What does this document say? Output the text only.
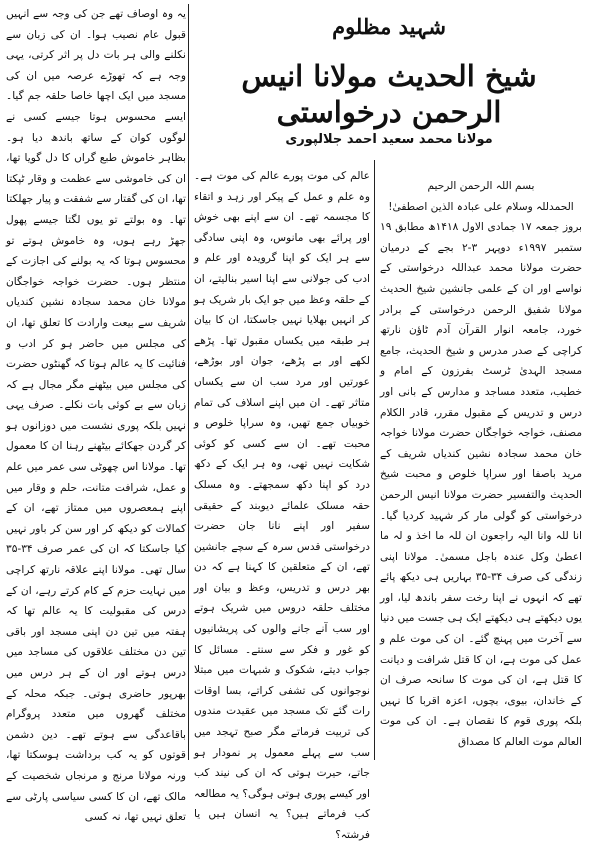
شہید مظلوم
شیخ الحدیث مولانا انیس الرحمن درخواستی
مولانا محمد سعید احمد جلالپوری

بسم اللہ الرحمن الرحیم

الحمدللہ وسلام علی عبادہ الذین اصطفیٰ!

بروز جمعہ ۱۷ جمادی الاول ۱۴۱۸ھ مطابق ۱۹ ستمبر ۱۹۹۷ء دوپہر ۳-۲ بجے کے درمیان حضرت مولانا محمد عبداللہ درخواستی کے نواسے اور ان کے علمی جانشین شیخ الحدیث مولانا شفیق الرحمن درخواستی کے برادر خورد، جامعہ انوار القرآن آدم ٹاؤن نارتھ کراچی کے صدر مدرس و شیخ الحدیث، جامع مسجد الہدیٰ ٹرسٹ بفرزون کے امام و خطیب، متعدد مساجد و مدارس کے بانی اور درس و تدریس کے مقبول مقرر، قادر الکلام مصنف، خواجہ خواجگان حضرت مولانا خواجہ خان محمد سجادہ نشین کندیاں شریف کے مرید باصفا اور سراپا خلوص و محبت شیخ الحدیث والتفسیر حضرت مولانا انیس الرحمن درخواستی کو گولی مار کر شہید کردیا گیا۔ انا للہ وانا الیہ راجعون ان للہ ما اخذ و لہ ما اعطیٰ وکل عندہ باجل مسمیٰ۔ مولانا اپنی زندگی کی صرف ۳۴-۳۵ بہاریں ہی دیکھ پائے تھے کہ انہوں نے اپنا رخت سفر باندھ لیا، اور یوں دیکھتے ہی دیکھتے ایک ہی جست میں دنیا سے آخرت میں پہنچ گئے۔ ان کی موت علم و عمل کی موت ہے، ان کا قتل شرافت و دیانت کا قتل ہے، ان کی موت کا سانحہ صرف ان کے خاندان، بیوی، بچوں، اعزہ اقربا کا نہیں بلکہ پوری قوم کا نقصان ہے۔ ان کی موت العالم موت العالم کا مصداق

عالم کی موت پورے عالم کی موت ہے۔ وہ علم و عمل کے پیکر اور زہد و اتقاء کا مجسمہ تھے۔ ان سے اپنے بھی خوش اور پرائے بھی مانوس، وہ اپنی سادگی سے ہر ایک کو اپنا گرویدہ اور علم و ادب کی جولانی سے اپنا اسیر بنالیتے، ان کے حلقہ وعظ میں جو ایک بار شریک ہو کر انہیں بھلایا نہیں جاسکتا، ان کا بیان ہر طبقہ میں یکساں مقبول تھا۔ پڑھے لکھے اور بے پڑھے، جوان اور بوڑھے، عورتیں اور مرد سب ان سے یکساں متاثر تھے۔ ان میں اپنے اسلاف کی تمام خوبیاں جمع تھیں، وہ سراپا خلوص و محبت تھے۔ ان سے کسی کو کوئی شکایت نہیں تھی، وہ ہر ایک کے دکھ درد کو اپنا دکھ سمجھتے۔ وہ مسلک حقہ مسلک علمائے دیوبند کے حقیقی سفیر اور اپنے نانا جان حضرت درخواستی قدس سرہ کے سچے جانشین تھے، ان کے متعلقین کا کہنا ہے کہ دن بھر درس و تدریس، وعظ و بیان اور مختلف حلقہ دروس میں شریک ہوتے اور سب آنے جانے والوں کی پریشانیوں کو غور و فکر سے سنتے۔ مسائل کا جواب دیتے، شکوک و شبہات میں مبتلا نوجوانوں کی تشفی کراتے، بسا اوقات رات گئے تک مسجد میں عقیدت مندوں کی تربیت فرماتے مگر صبح تہجد میں سب سے پہلے معمول پر نمودار ہو جاتے، حیرت ہوتی کہ ان کی نیند کب اور کیسے پوری ہوتی ہوگی؟ یہ مطالعہ کب فرماتے ہیں؟ یہ انسان ہیں یا فرشتہ؟

یہ وہ اوصاف تھے جن کی وجہ سے انہیں قبول عام نصیب ہوا۔ ان کی زبان سے نکلنے والی ہر بات دل پر اثر کرتی، یہی وجہ ہے کہ تھوڑے عرصہ میں ان کی مسجد میں ایک اچھا خاصا حلقہ جم گیا۔ ایسے محسوس ہوتا جیسے کسی نے لوگوں کوان کے ساتھ باندھ دیا ہو۔ بظاہر خاموش طبع گراں کا دل گویا تھا، ان کی خاموشی سے عظمت و وقار ٹپکتا تھا، ان کی گفتار سے شفقت و پیار جھلکتا تھا۔ وہ بولتے تو یوں لگتا جیسے پھول جھڑ رہے ہوں، وہ خاموش ہوتے تو محسوس ہوتا کہ یہ بولنے کی اجازت کے منتظر ہوں۔ حضرت خواجہ خواجگان مولانا خان محمد سجادہ نشین کندیاں شریف سے بیعت وارادت کا تعلق تھا، ان کی مجلس میں حاضر ہو کر ادب و فنائیت کا یہ عالم ہوتا کہ گھنٹوں حضرت کی مجلس میں بیٹھنے مگر مجال ہے کہ زبان سے بے کوئی بات نکلے۔ صرف یہی نہیں بلکہ پوری نشست میں دوزانوں ہو کر گردن جھکائے بیٹھنے رہنا ان کا معمول تھا۔ مولانا اس چھوٹی سی عمر میں علم و عمل، شرافت متانت، حلم و وقار میں اپنے ہمعصروں میں ممتاز تھے، ان کے کمالات کو دیکھ کر اور سن کر باور نہیں کیا جاسکتا کہ ان کی عمر صرف ۳۴-۳۵ سال تھی۔ مولانا اپنے علاقہ نارتھ کراچی میں نہایت حزم کے کام کرتے رہے، ان کے درس کی مقبولیت کا یہ عالم تھا کہ ہفتہ میں تین دن اپنی مسجد اور باقی تین دن مختلف علاقوں کی مساجد میں درس ہوتے اور ان کے ہر درس میں بھرپور حاضری ہوتی۔ جبکہ محلہ کے مختلف گھروں میں متعدد پروگرام باقاعدگی سے ہوتے تھے۔ دین دشمن قوتوں کو یہ کب برداشت ہوسکتا تھا، ورنہ مولانا مرنج و مرنجاں شخصیت کے مالک تھے، ان کا کسی سیاسی پارٹی سے تعلق نہیں تھا، نہ کسی
